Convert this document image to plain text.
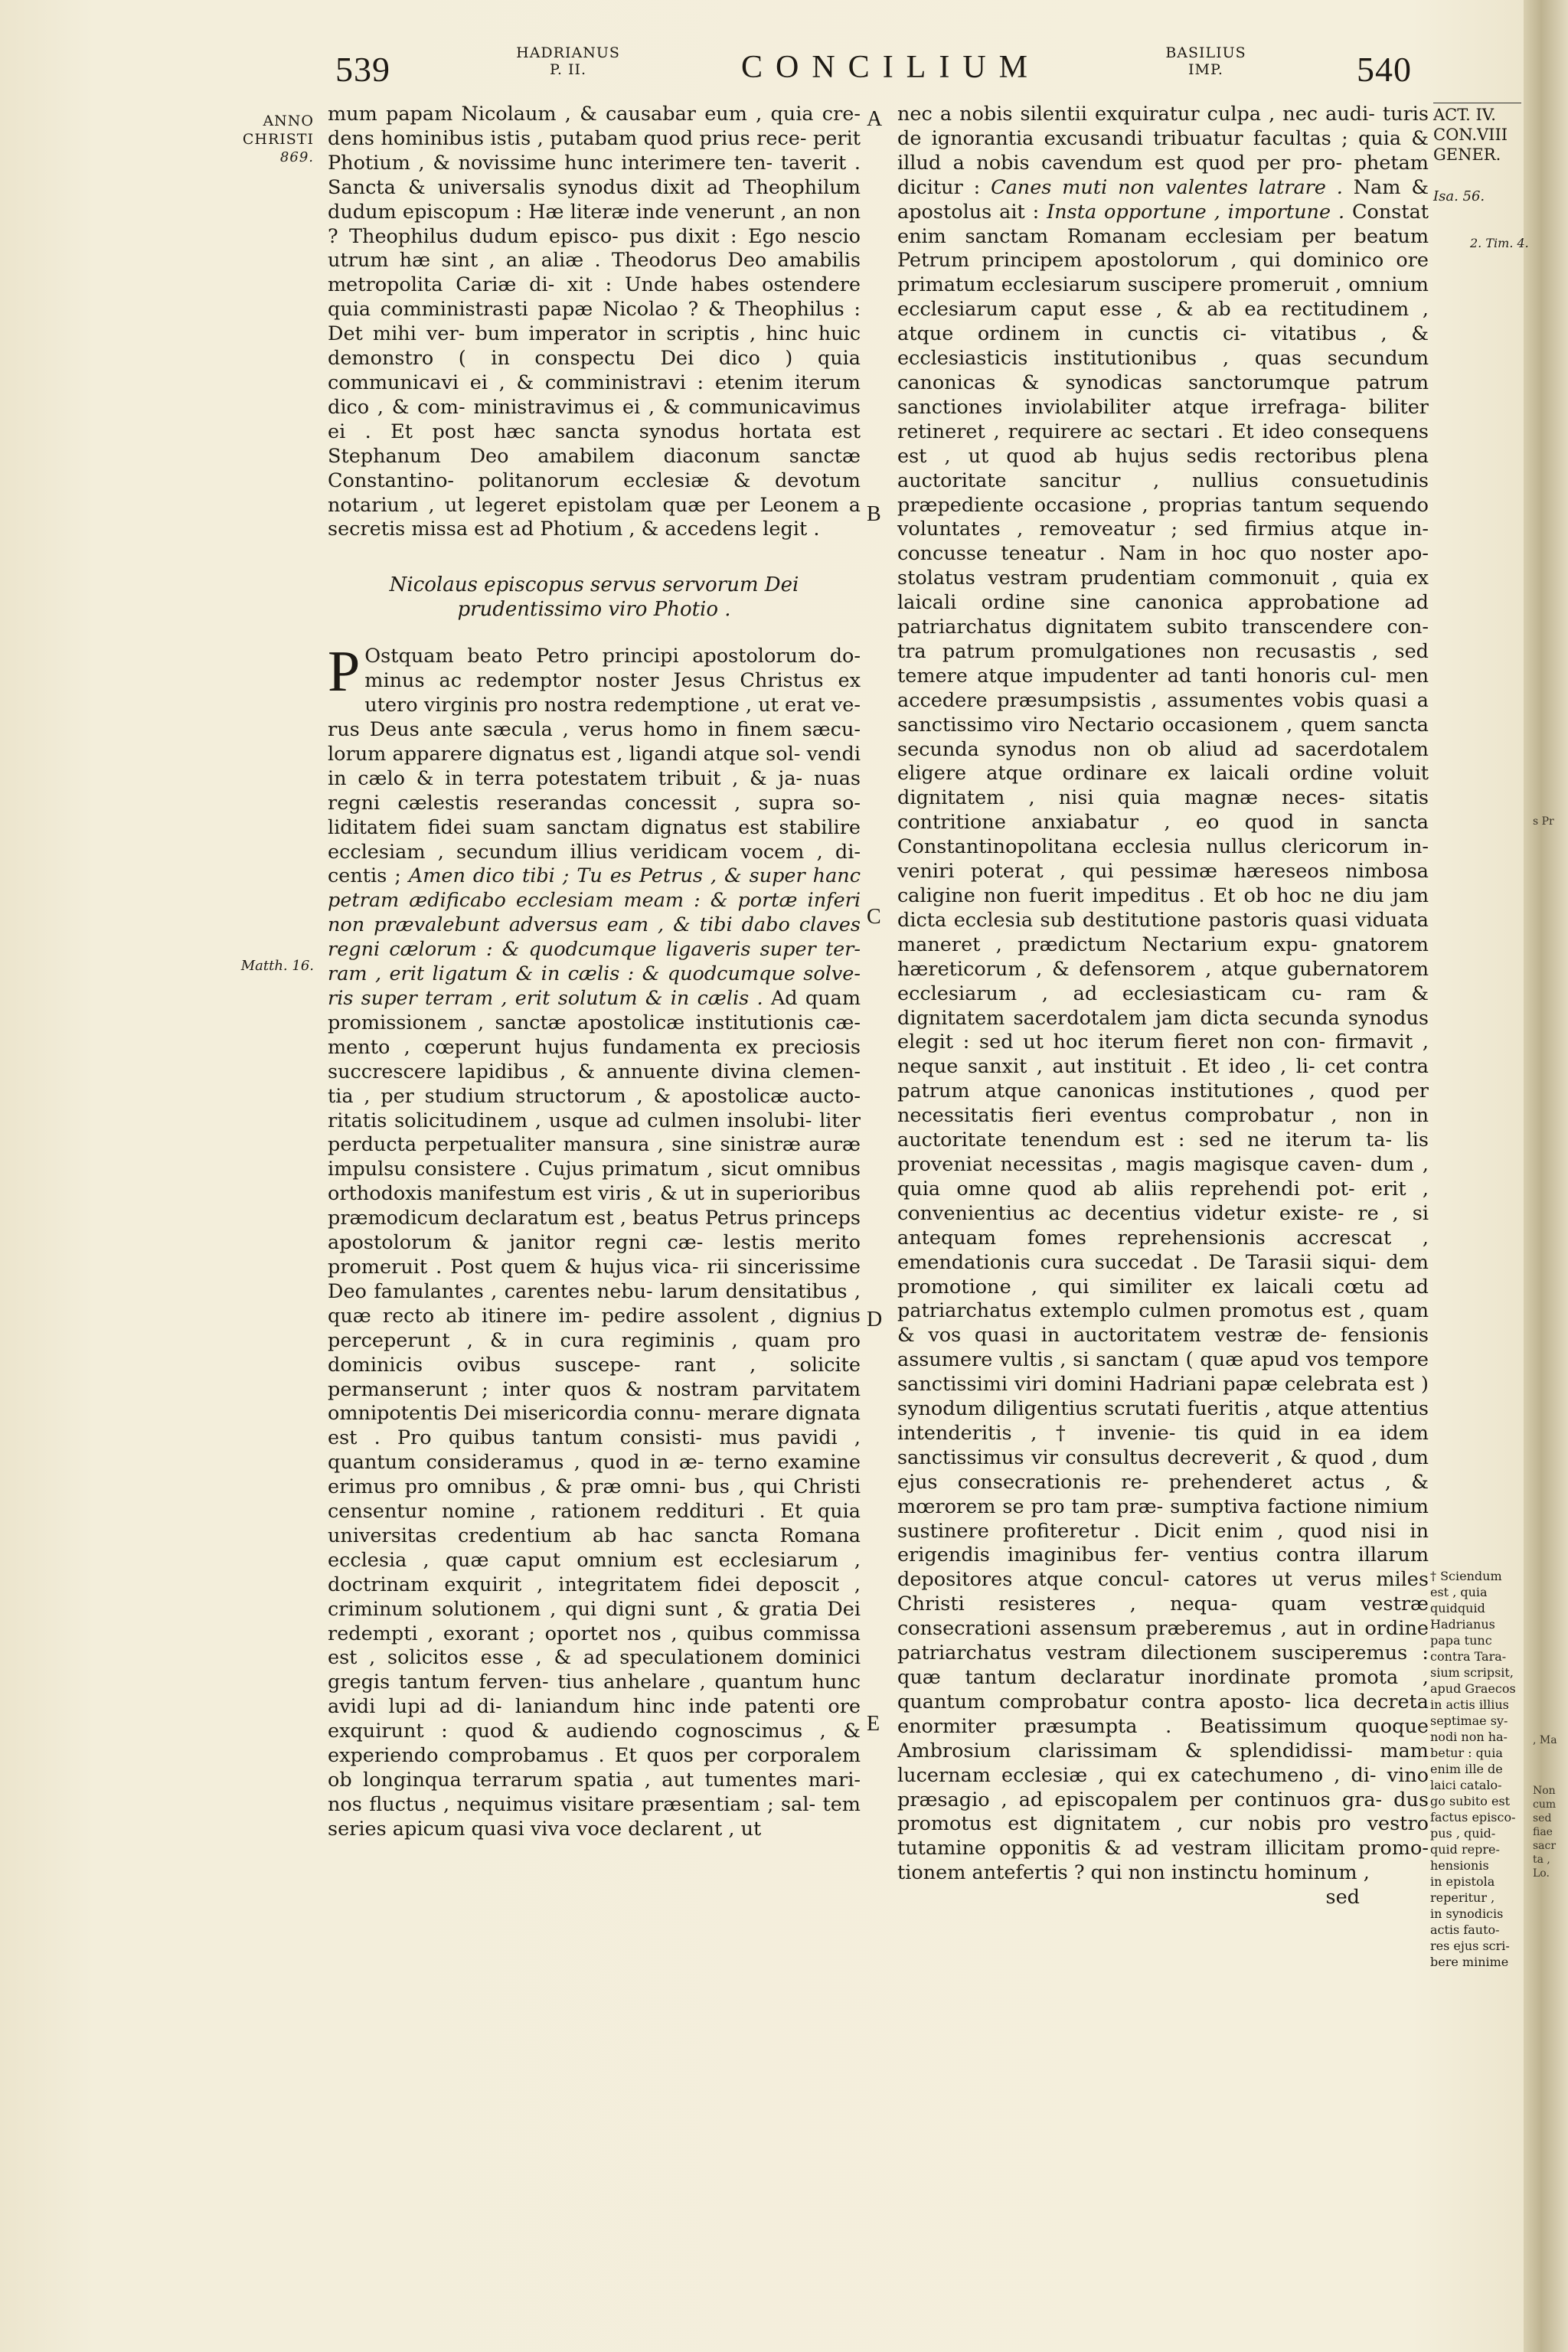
s Pr
, Ma
Non
cum
sed
fiae
sacr
ta ,
Lo.
539	HADRIANUS
P. II.	CONCILIUM	BASILIUS
IMP.	540
ANNO
CHRISTI
869.
Matth. 16.
ACT. IV.
CON.VIII
GENER.
Isa. 56.
2. Tim. 4.
† Sciendum
est , quia
quidquid
Hadrianus
papa tunc
contra Tara-
sium scripsit,
apud Graecos
in actis illius
septimae sy-
nodi non ha-
betur : quia
enim ille de
laici catalo-
go subito est
factus episco-
pus , quid-
quid repre-
hensionis
in epistola
reperitur ,
in synodicis
actis fauto-
res ejus scri-
bere minime
A
B
C
D
E

mum papam Nicolaum , & causabar eum , quia cre- dens hominibus istis , putabam quod prius rece- perit Photium , & novissime hunc interimere ten- taverit . Sancta & universalis synodus dixit ad Theophilum dudum episcopum : Hæ literæ inde venerunt , an non ? Theophilus dudum episco- pus dixit : Ego nescio utrum hæ sint , an aliæ . Theodorus Deo amabilis metropolita Cariæ di- xit : Unde habes ostendere quia comministrasti papæ Nicolao ? & Theophilus : Det mihi ver- bum imperator in scriptis , hinc huic demonstro ( in conspectu Dei dico ) quia communicavi ei , & comministravi : etenim iterum dico , & com- ministravimus ei , & communicavimus ei . Et post hæc sancta synodus hortata est Stephanum Deo amabilem diaconum sanctæ Constantino- politanorum ecclesiæ & devotum notarium , ut legeret epistolam quæ per Leonem a secretis missa est ad Photium , & accedens legit .

Nicolaus episcopus servus servorum Dei
prudentissimo viro Photio .

P Ostquam beato Petro principi apostolorum do- minus ac redemptor noster Jesus Christus ex utero virginis pro nostra redemptione , ut erat ve- rus Deus ante sæcula , verus homo in finem sæcu- lorum apparere dignatus est , ligandi atque sol- vendi in cælo & in terra potestatem tribuit , & ja- nuas regni cælestis reserandas concessit , supra so- liditatem fidei suam sanctam dignatus est stabilire ecclesiam , secundum illius veridicam vocem , di- centis ; Amen dico tibi ; Tu es Petrus , & super hanc petram ædificabo ecclesiam meam : & portæ inferi non prævalebunt adversus eam , & tibi dabo claves regni cælorum : & quodcumque ligaveris super ter- ram , erit ligatum & in cælis : & quodcumque solve- ris super terram , erit solutum & in cælis . Ad quam promissionem , sanctæ apostolicæ institutionis cæ- mento , cœperunt hujus fundamenta ex preciosis succrescere lapidibus , & annuente divina clemen- tia , per studium structorum , & apostolicæ aucto- ritatis solicitudinem , usque ad culmen insolubi- liter perducta perpetualiter mansura , sine sinistræ auræ impulsu consistere . Cujus primatum , sicut omnibus orthodoxis manifestum est viris , & ut in superioribus præmodicum declaratum est , beatus Petrus princeps apostolorum & janitor regni cæ- lestis merito promeruit . Post quem & hujus vica- rii sincerissime Deo famulantes , carentes nebu- larum densitatibus , quæ recto ab itinere im- pedire assolent , dignius perceperunt , & in cura regiminis , quam pro dominicis ovibus suscepe- rant , solicite permanserunt ; inter quos & nostram parvitatem omnipotentis Dei misericordia connu- merare dignata est . Pro quibus tantum consisti- mus pavidi , quantum consideramus , quod in æ- terno examine erimus pro omnibus , & præ omni- bus , qui Christi censentur nomine , rationem reddituri . Et quia universitas credentium ab hac sancta Romana ecclesia , quæ caput omnium est ecclesiarum , doctrinam exquirit , integritatem fidei deposcit , criminum solutionem , qui digni sunt , & gratia Dei redempti , exorant ; oportet nos , quibus commissa est , solicitos esse , & ad speculationem dominici gregis tantum ferven- tius anhelare , quantum hunc avidi lupi ad di- laniandum hinc inde patenti ore exquirunt : quod & audiendo cognoscimus , & experiendo comprobamus . Et quos per corporalem ob longinqua terrarum spatia , aut tumentes mari- nos fluctus , nequimus visitare præsentiam ; sal- tem series apicum quasi viva voce declarent , ut

nec a nobis silentii exquiratur culpa , nec audi- turis de ignorantia excusandi tribuatur facultas ; quia & illud a nobis cavendum est quod per pro- phetam dicitur : Canes muti non valentes latrare . Nam & apostolus ait : Insta opportune , importune . Constat enim sanctam Romanam ecclesiam per beatum Petrum principem apostolorum , qui dominico ore primatum ecclesiarum suscipere promeruit , omnium ecclesiarum caput esse , & ab ea rectitudinem , atque ordinem in cunctis ci- vitatibus , & ecclesiasticis institutionibus , quas secundum canonicas & synodicas sanctorumque patrum sanctiones inviolabiliter atque irrefraga- biliter retineret , requirere ac sectari . Et ideo consequens est , ut quod ab hujus sedis rectoribus plena auctoritate sancitur , nullius consuetudinis præpediente occasione , proprias tantum sequendo voluntates , removeatur ; sed firmius atque in- concusse teneatur . Nam in hoc quo noster apo- stolatus vestram prudentiam commonuit , quia ex laicali ordine sine canonica approbatione ad patriarchatus dignitatem subito transcendere con- tra patrum promulgationes non recusastis , sed temere atque impudenter ad tanti honoris cul- men accedere præsumpsistis , assumentes vobis quasi a sanctissimo viro Nectario occasionem , quem sancta secunda synodus non ob aliud ad sacerdotalem eligere atque ordinare ex laicali ordine voluit dignitatem , nisi quia magnæ neces- sitatis contritione anxiabatur , eo quod in sancta Constantinopolitana ecclesia nullus clericorum in- veniri poterat , qui pessimæ hæreseos nimbosa caligine non fuerit impeditus . Et ob hoc ne diu jam dicta ecclesia sub destitutione pastoris quasi viduata maneret , prædictum Nectarium expu- gnatorem hæreticorum , & defensorem , atque gubernatorem ecclesiarum , ad ecclesiasticam cu- ram & dignitatem sacerdotalem jam dicta secunda synodus elegit : sed ut hoc iterum fieret non con- firmavit , neque sanxit , aut instituit . Et ideo , li- cet contra patrum atque canonicas institutiones , quod per necessitatis fieri eventus comprobatur , non in auctoritate tenendum est : sed ne iterum ta- lis proveniat necessitas , magis magisque caven- dum , quia omne quod ab aliis reprehendi pot- erit , convenientius ac decentius videtur existe- re , si antequam fomes reprehensionis accrescat , emendationis cura succedat . De Tarasii siqui- dem promotione , qui similiter ex laicali cœtu ad patriarchatus extemplo culmen promotus est , quam & vos quasi in auctoritatem vestræ de- fensionis assumere vultis , si sanctam ( quæ apud vos tempore sanctissimi viri domini Hadriani papæ celebrata est ) synodum diligentius scrutati fueritis , atque attentius intenderitis , † invenie- tis quid in ea idem sanctissimus vir consultus decreverit , & quod , dum ejus consecrationis re- prehenderet actus , & mœrorem se pro tam præ- sumptiva factione nimium sustinere profiteretur . Dicit enim , quod nisi in erigendis imaginibus fer- ventius contra illarum depositores atque concul- catores ut verus miles Christi resisteres , nequa- quam vestræ consecrationi assensum præberemus , aut in ordine patriarchatus vestram dilectionem susciperemus : quæ tantum declaratur inordinate promota , quantum comprobatur contra aposto- lica decreta enormiter præsumpta . Beatissimum quoque Ambrosium clarissimam & splendidissi- mam lucernam ecclesiæ , qui ex catechumeno , di- vino præsagio , ad episcopalem per continuos gra- dus promotus est dignitatem , cur nobis pro vestro tutamine opponitis & ad vestram illicitam promo- tionem antefertis ? qui non instinctu hominum ,

sed
